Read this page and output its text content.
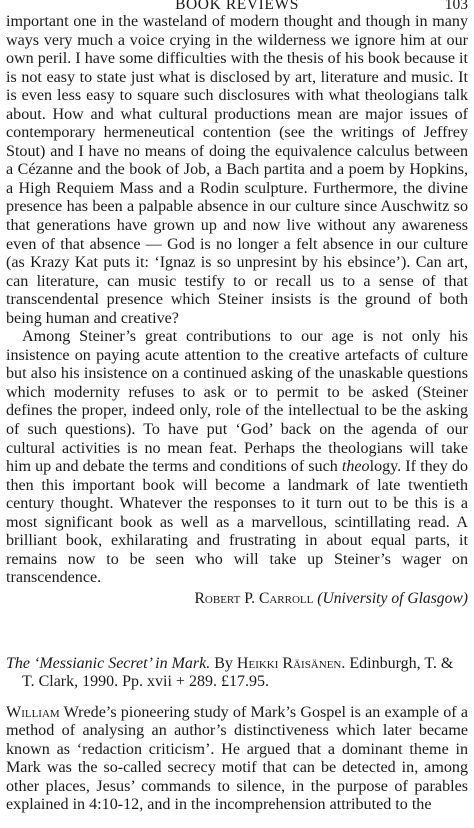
BOOK REVIEWS	103

important one in the wasteland of modern thought and though in many ways very much a voice crying in the wilderness we ignore him at our own peril. I have some difficulties with the thesis of his book because it is not easy to state just what is disclosed by art, literature and music. It is even less easy to square such disclosures with what theologians talk about. How and what cultural productions mean are major issues of contemporary hermeneutical contention (see the writings of Jeffrey Stout) and I have no means of doing the equivalence calculus between a Cézanne and the book of Job, a Bach partita and a poem by Hopkins, a High Requiem Mass and a Rodin sculpture. Furthermore, the divine presence has been a palpable absence in our culture since Auschwitz so that generations have grown up and now live without any awareness even of that absence — God is no longer a felt absence in our culture (as Krazy Kat puts it: ‘Ignaz is so unpresint by his ebsince’). Can art, can literature, can music testify to or recall us to a sense of that transcendental presence which Steiner insists is the ground of both being human and creative?

Among Steiner’s great contributions to our age is not only his insistence on paying acute attention to the creative artefacts of culture but also his insistence on a continued asking of the unaskable questions which modernity refuses to ask or to permit to be asked (Steiner defines the proper, indeed only, role of the intellectual to be the asking of such questions). To have put ‘God’ back on the agenda of our cultural activities is no mean feat. Perhaps the theologians will take him up and debate the terms and conditions of such theology. If they do then this important book will become a landmark of late twentieth century thought. Whatever the responses to it turn out to be this is a most significant book as well as a marvellous, scintillating read. A brilliant book, exhilarating and frustrating in about equal parts, it remains now to be seen who will take up Steiner’s wager on transcendence.

Robert P. Carroll (University of Glasgow)
The ‘Messianic Secret’ in Mark. By Heikki Räisänen. Edinburgh, T. & T. Clark, 1990. Pp. xvii + 289. £17.95.

William Wrede’s pioneering study of Mark’s Gospel is an example of a method of analysing an author’s distinctiveness which later became known as ‘redaction criticism’. He argued that a dominant theme in Mark was the so-called secrecy motif that can be detected in, among other places, Jesus’ commands to silence, in the purpose of parables explained in 4:10-12, and in the incomprehension attributed to the
